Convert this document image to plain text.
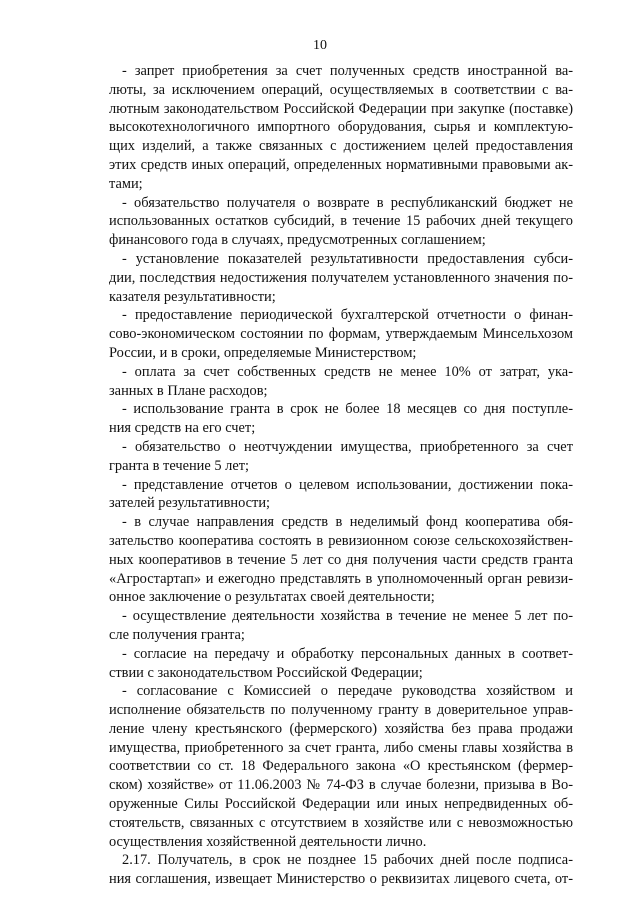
10
- запрет приобретения за счет полученных средств иностранной ва-
люты, за исключением операций, осуществляемых в соответствии с ва-
лютным законодательством Российской Федерации при закупке (поставке)
высокотехнологичного импортного оборудования, сырья и комплектую-
щих изделий, а также связанных с достижением целей предоставления
этих средств иных операций, определенных нормативными правовыми ак-
тами;
- обязательство получателя о возврате в республиканский бюджет не
использованных остатков субсидий, в течение 15 рабочих дней текущего
финансового года в случаях, предусмотренных соглашением;
- установление показателей результативности предоставления субси-
дии, последствия недостижения получателем установленного значения по-
казателя результативности;
- предоставление периодической бухгалтерской отчетности о финан-
сово-экономическом состоянии по формам, утверждаемым Минсельхозом
России, и в сроки, определяемые Министерством;
- оплата за счет собственных средств не менее 10% от затрат, ука-
занных в Плане расходов;
- использование гранта в срок не более 18 месяцев со дня поступле-
ния средств на его счет;
- обязательство о неотчуждении имущества, приобретенного за счет
гранта в течение 5 лет;
- представление отчетов о целевом использовании, достижении пока-
зателей результативности;
- в случае направления средств в неделимый фонд кооператива обя-
зательство кооператива состоять в ревизионном союзе сельскохозяйствен-
ных кооперативов в течение 5 лет со дня получения части средств гранта
«Агростартап» и ежегодно представлять в уполномоченный орган ревизи-
онное заключение о результатах своей деятельности;
- осуществление деятельности хозяйства в течение не менее 5 лет по-
сле получения гранта;
- согласие на передачу и обработку персональных данных в соответ-
ствии с законодательством Российской Федерации;
- согласование с Комиссией о передаче руководства хозяйством и
исполнение обязательств по полученному гранту в доверительное управ-
ление члену крестьянского (фермерского) хозяйства без права продажи
имущества, приобретенного за счет гранта, либо смены главы хозяйства в
соответствии со ст. 18 Федерального закона «О крестьянском (фермер-
ском) хозяйстве» от 11.06.2003 № 74-ФЗ в случае болезни, призыва в Во-
оруженные Силы Российской Федерации или иных непредвиденных об-
стоятельств, связанных с отсутствием в хозяйстве или с невозможностью
осуществления хозяйственной деятельности лично.
2.17. Получатель, в срок не позднее 15 рабочих дней после подписа-
ния соглашения, извещает Министерство о реквизитах лицевого счета, от-
